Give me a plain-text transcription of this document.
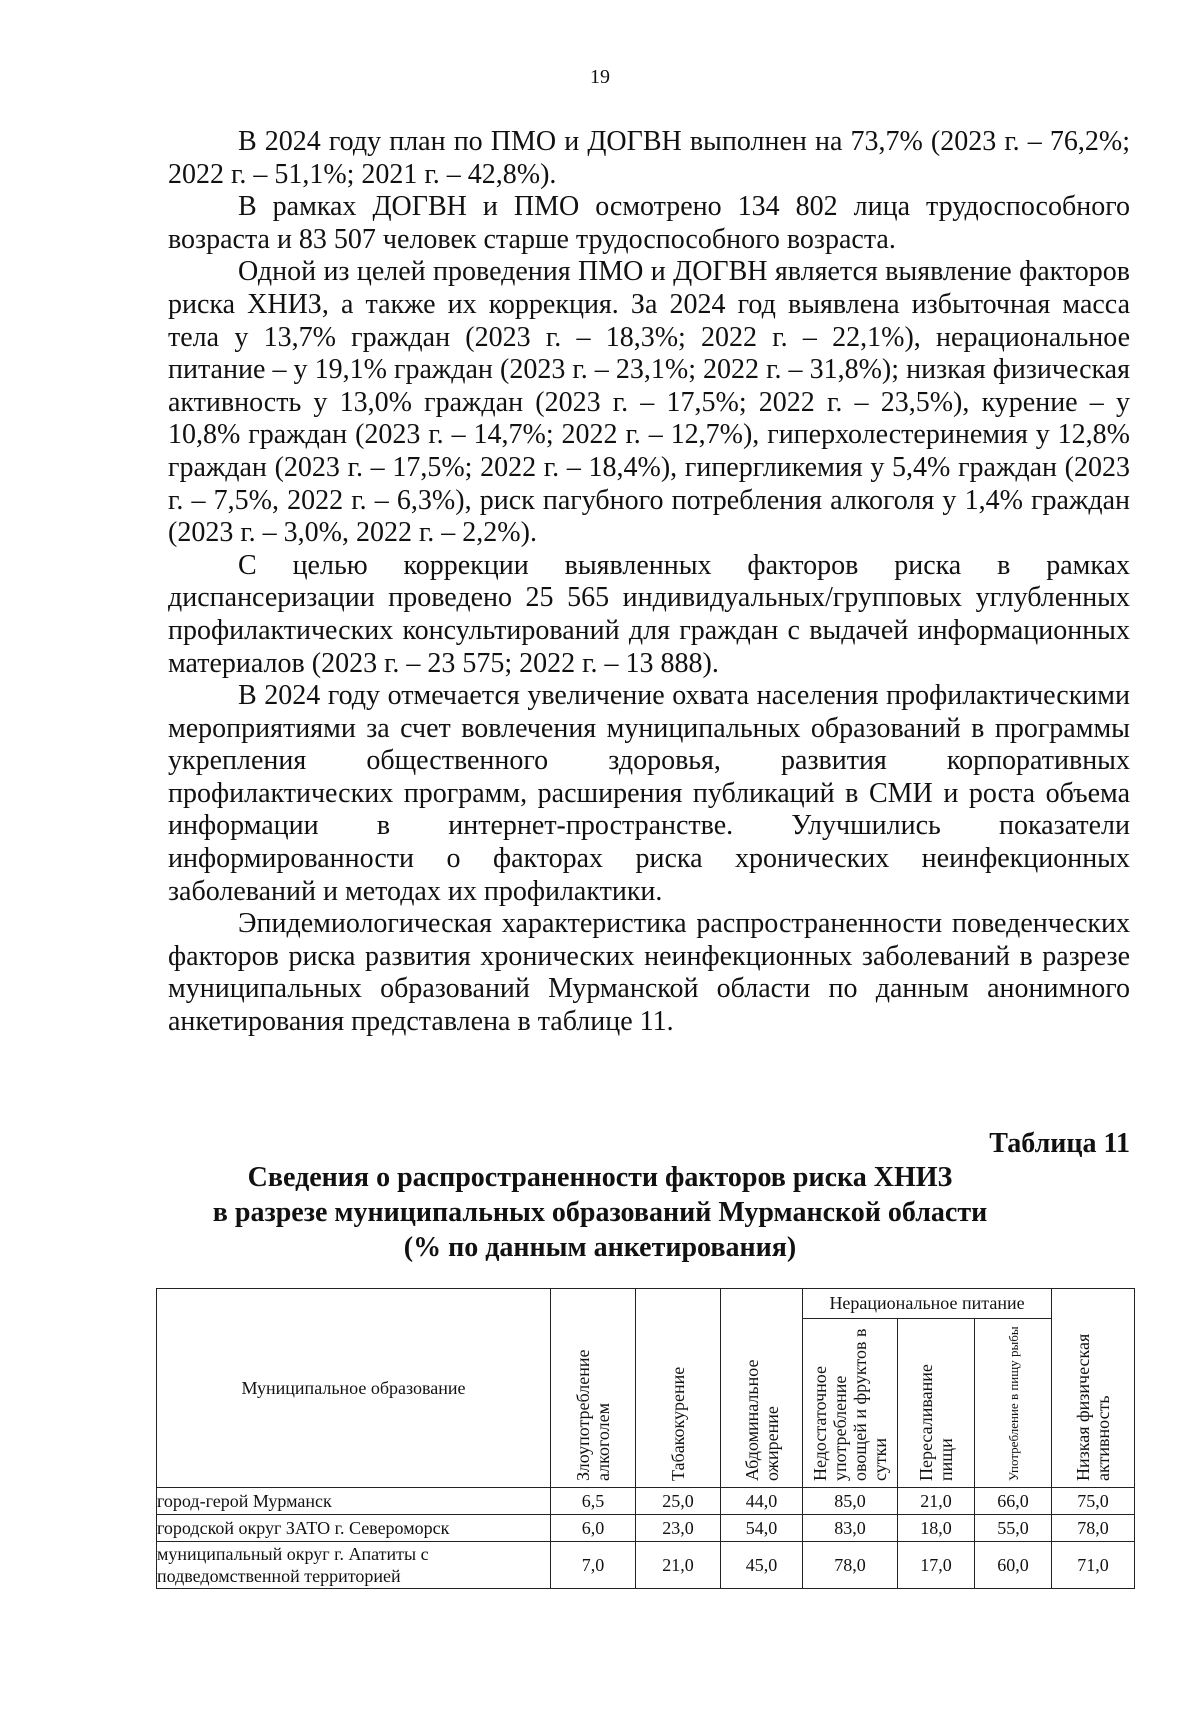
19

В 2024 году план по ПМО и ДОГВН выполнен на 73,7% (2023 г. – 76,2%; 2022 г. – 51,1%; 2021 г. – 42,8%).

В рамках ДОГВН и ПМО осмотрено 134 802 лица трудоспособного возраста и 83 507 человек старше трудоспособного возраста.

Одной из целей проведения ПМО и ДОГВН является выявление факторов риска ХНИЗ, а также их коррекция. За 2024 год выявлена избыточная масса тела у 13,7% граждан (2023 г. – 18,3%; 2022 г. – 22,1%), нерациональное питание – у 19,1% граждан (2023 г. – 23,1%; 2022 г. – 31,8%); низкая физическая активность у 13,0% граждан (2023 г. – 17,5%; 2022 г. – 23,5%), курение – у 10,8% граждан (2023 г. – 14,7%; 2022 г. – 12,7%), гиперхолестеринемия у 12,8% граждан (2023 г. – 17,5%; 2022 г. – 18,4%), гипергликемия у 5,4% граждан (2023 г. – 7,5%, 2022 г. – 6,3%), риск пагубного потребления алкоголя у 1,4% граждан (2023 г. – 3,0%, 2022 г. – 2,2%).

С целью коррекции выявленных факторов риска в рамках диспансеризации проведено 25 565 индивидуальных/групповых углубленных профилактических консультирований для граждан с выдачей информационных материалов (2023 г. – 23 575; 2022 г. – 13 888).

В 2024 году отмечается увеличение охвата населения профилактическими мероприятиями за счет вовлечения муниципальных образований в программы укрепления общественного здоровья, развития корпоративных профилактических программ, расширения публикаций в СМИ и роста объема информации в интернет-пространстве. Улучшились показатели информированности о факторах риска хронических неинфекционных заболеваний и методах их профилактики.

Эпидемиологическая характеристика распространенности поведенческих факторов риска развития хронических неинфекционных заболеваний в разрезе муниципальных образований Мурманской области по данным анонимного анкетирования представлена в таблице 11.

Таблица 11
Сведения о распространенности факторов риска ХНИЗ
в разрезе муниципальных образований Мурманской области
(% по данным анкетирования)
Муниципальное образование	Злоупотребление алкоголем	Табакокурение	Абдоминальное ожирение	Нерациональное питание			Низкая физическая активность

				Недостаточное употребление овощей и фруктов в сутки	Пересаливание пищи	Употребление в пищу рыбы	

город-герой Мурманск	6,5	25,0	44,0	85,0	21,0	66,0	75,0
городской округ ЗАТО г. Североморск	6,0	23,0	54,0	83,0	18,0	55,0	78,0
муниципальный округ г. Апатиты с подведомственной территорией	7,0	21,0	45,0	78,0	17,0	60,0	71,0
